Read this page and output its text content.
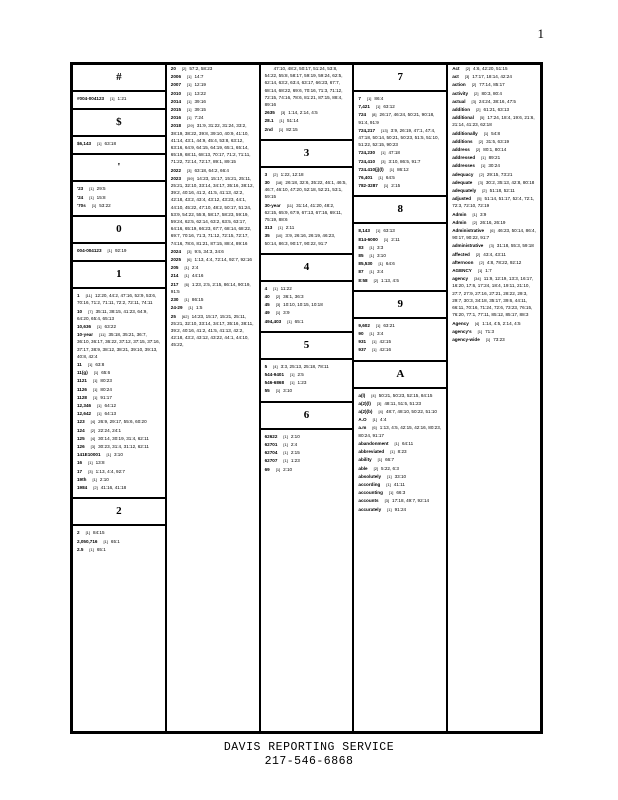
1
#
#004-004123 [1] 1:21
$
$6,143 [1] 63:18
'
'23 [1] 29:5
'24 [1] 15:8
'70s [1] 53:22
0
004-004123 [1] 92:19
1
1 [11] 12:20, 44:2, 47:16, 52:9, 53:6, 70:16, 71:2, 71:11, 72:2, 72:11, 74:11
10 [7] 35:11, 38:15, 41:23, 64:9, 64:20, 65:4, 65:13
10,636 [1] 63:22
10-year [11] 35:18, 35:21, 36:7, 36:10, 36:17, 36:22, 37:12, 37:15, 37:16, 37:17, 38:9, 38:12, 38:21, 39:10, 39:13, 40:8, 42:4
11 [1] 63:8
11(g) [1] 65:6
1121 [1] 80:23
1126 [1] 80:24
1128 [1] 91:17
12,346 [1] 64:12
12,642 [1] 64:13
123 [4] 26:9, 29:17, 55:6, 60:20
124 [2] 22:24, 24:1
125 [4] 30:14, 30:19, 31:4, 62:11
126 [3] 30:23, 31:4, 31:12, 62:11
141E10001 [1] 3:10
16 [1] 13:8
17 [3] 1:13, 4:4, 92:7
19th [1] 2:10
1984 [2] 41:16, 41:18
2
2 [1] 84:15
2,050,716 [1] 65:1
2.5 [1] 65:1
20 [2] 57:2, 58:23
2006 [1] 14:7
2007 [1] 12:19
2010 [1] 13:22
2014 [1] 39:16
2015 [1] 39:15
2016 [1] 7:24
2018 [29] 31:9, 31:22, 31:24, 33:2, 38:19, 38:22, 39:8, 39:10, 40:9, 41:10, 41:14, 43:1, 44:9, 45:4, 53:8, 63:12, 63:16, 64:9, 64:15, 64:19, 65:1, 65:14, 65:19, 68:11, 68:13, 70:17, 71:2, 71:11, 71:22, 72:14, 72:17, 89:1, 89:15
2022 [3] 63:18, 64:2, 66:4
2023 [59] 14:23, 15:17, 15:21, 25:11, 25:21, 32:10, 33:14, 34:17, 35:16, 38:12, 39:2, 40:16, 41:2, 41:5, 41:13, 42:2, 42:18, 43:2, 43:4, 43:12, 43:23, 44:1, 44:10, 45:22, 47:10, 48:2, 50:17, 51:24, 53:9, 54:22, 55:8, 58:17, 58:23, 59:19, 59:24, 62:5, 62:14, 63:2, 63:5, 63:17, 64:16, 65:19, 66:23, 67:7, 68:14, 68:22, 69:7, 70:16, 71:3, 71:12, 72:15, 72:17, 74:16, 78:6, 81:21, 87:15, 88:4, 89:16
2024 [3] 9:5, 34:3, 34:6
2025 [6] 1:13, 4:4, 72:14, 92:7, 92:16
205 [1] 2:4
214 [1] 44:16
217 [6] 1:23, 2:5, 2:15, 86:14, 90:19, 91:5
230 [1] 86:15
24-29 [1] 1:5
25 [62] 14:23, 15:17, 15:21, 25:11, 25:21, 32:10, 33:14, 34:17, 35:16, 38:11, 39:2, 40:16, 41:2, 41:5, 41:13, 42:2, 42:18, 43:2, 43:12, 43:22, 44:1, 44:10, 45:22,
47:10, 48:2, 50:17, 51:24, 53:8, 54:22, 55:8, 58:17, 59:19, 59:24, 62:5, 62:14, 63:2, 63:4, 63:17, 66:23, 67:7, 68:14, 68:22, 69:6, 70:16, 71:3, 71:12, 72:15, 74:16, 78:6, 81:21, 87:15, 88:4, 89:16
2635 [3] 1:14, 2:14, 4:5
28.1 [1] 51:14
2nd [1] 82:15
3
3 [2] 1:22, 12:18
30 [18] 26:18, 32:6, 35:22, 46:1, 46:5, 46:7, 46:10, 47:20, 52:18, 52:21, 53:1, 59:15
30-year [11] 31:14, 41:20, 48:2, 62:15, 65:9, 67:9, 67:13, 67:16, 69:11, 75:19, 88:6
313 [1] 2:11
35 [10] 3:9, 26:16, 26:19, 46:23, 50:14, 86:3, 90:17, 90:22, 91:7
4
4 [1] 11:22
40 [2] 36:1, 36:3
45 [3] 10:10, 10:15, 10:18
49 [1] 3:9
494,403 [1] 65:1
5
5 [4] 3:3, 25:13, 25:18, 78:11
544-9401 [1] 2:5
546-6868 [1] 1:23
55 [1] 3:10
6
62622 [1] 2:10
62701 [1] 2:4
62704 [1] 2:15
62707 [1] 1:23
69 [1] 2:10
7
7 [1] 86:4
7,421 [1] 63:12
724 [8] 26:17, 46:24, 50:21, 90:18, 91:4, 91:9
724,217 [13] 3:9, 26:19, 47:1, 47:4, 47:18, 50:14, 50:21, 50:23, 51:5, 51:10, 51:22, 52:15, 90:23
724,230 [1] 47:18
724,410 [3] 3:10, 86:5, 91:7
724.410(j)(l) [1] 86:12
76,401 [1] 64:5
782-3287 [1] 2:15
8
8,143 [1] 63:13
814-6000 [1] 2:11
83 [1] 3:3
85 [1] 3:10
85,530 [1] 64:6
87 [1] 3:4
8:58 [2] 1:13, 4:5
9
9,602 [1] 63:21
90 [1] 3:4
931 [1] 42:15
937 [1] 42:16
A
a(l) [4] 50:21, 50:23, 52:15, 84:15
a(2)(l) [3] 48:11, 51:5, 51:23
a(2)(b) [4] 48:7, 48:10, 50:22, 51:10
A.O [1] 4:4
a.m [6] 1:13, 4:5, 42:15, 42:16, 80:23, 80:24, 91:17
abandonment [1] 64:11
abbreviated [1] 8:23
ability [1] 66:7
able [2] 5:22, 6:3
absolutely [1] 33:10
according [1] 41:11
accounting [1] 66:3
accounts [3] 17:18, 49:7, 92:14
accurately [1] 91:24
Act [2] 4:6, 42:20, 51:15
act [3] 17:17, 18:14, 42:24
action [2] 77:14, 85:17
activity [2] 80:3, 80:4
actual [3] 24:24, 38:16, 47:5
addition [2] 61:21, 63:13
additional [5] 17:24, 18:4, 19:6, 21:6, 21:14, 41:23, 62:18
additionally [1] 54:8
additions [2] 31:5, 63:19
address [2] 80:1, 80:14
addressed [1] 89:21
addresses [1] 30:24
adequacy [2] 29:15, 73:21
adequate [3] 30:2, 35:13, 42:8, 80:18
adequately [2] 51:18, 52:11
adjusted [5] 51:14, 51:17, 52:4, 72:1, 72:3, 72:10, 72:19
Admin [1] 3:9
Admin [2] 26:16, 26:19
Administrative [6] 46:23, 50:14, 86:4, 90:17, 90:22, 91:7
administrative [3] 31:18, 55:3, 59:18
affected [2] 43:4, 43:11
afternoon [2] 4:8, 78:22, 92:12
AGENCY [1] 1:7
agency [34] 11:9, 12:19, 13:3, 16:17, 16:20, 17:6, 17:24, 18:4, 19:11, 21:10, 27:7, 27:9, 27:16, 27:21, 28:22, 29:3, 29:7, 30:3, 34:18, 35:17, 39:6, 44:11, 66:11, 70:16, 71:24, 72:6, 73:23, 76:15, 76:20, 77:1, 77:11, 85:12, 85:17, 88:3
Agency [4] 1:14, 4:5, 2:14, 4:5
agency's [1] 71:3
agency-wide [1] 73:23
DAVIS REPORTING SERVICE
217-546-6868
